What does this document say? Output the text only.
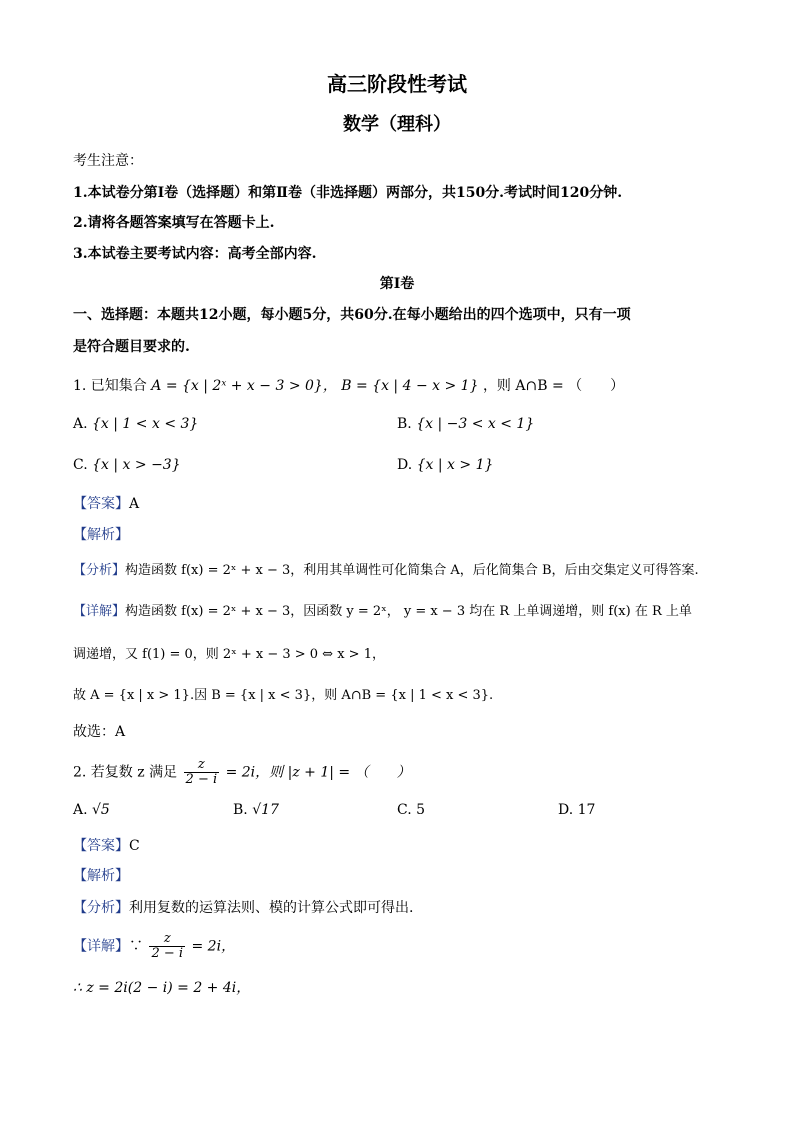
高三阶段性考试
数学（理科）
考生注意：
1.本试卷分第Ⅰ卷（选择题）和第Ⅱ卷（非选择题）两部分，共150分.考试时间120分钟.
2.请将各题答案填写在答题卡上.
3.本试卷主要考试内容：高考全部内容.
第Ⅰ卷
一、选择题：本题共12小题，每小题5分，共60分.在每小题给出的四个选项中，只有一项
是符合题目要求的.
1. 已知集合 A = {x | 2ˣ + x − 3 > 0}， B = {x | 4 − x > 1} ，则 A∩B = （　　）
A. {x | 1 < x < 3}	B. {x | −3 < x < 1}
C. {x | x > −3}	D. {x | x > 1}
【答案】A
【解析】
【分析】构造函数 f(x) = 2ˣ + x − 3，利用其单调性可化简集合 A，后化简集合 B，后由交集定义可得答案.
【详解】构造函数 f(x) = 2ˣ + x − 3，因函数 y = 2ˣ， y = x − 3 均在 R 上单调递增，则 f(x) 在 R 上单
调递增，又 f(1) = 0，则 2ˣ + x − 3 > 0 ⇔ x > 1，
故 A = {x | x > 1}.因 B = {x | x < 3}，则 A∩B = {x | 1 < x < 3}.
故选：A
2. 若复数 z 满足 $\frac{z}{2 - i} = 2i$，则 |z + 1| = （　　）
A. √5	B. √17	C. 5	D. 17
【答案】C
【解析】
【分析】利用复数的运算法则、模的计算公式即可得出.
【详解】∵ $\frac{z}{2 - i} = 2i$，
∴ z = 2i(2 − i) = 2 + 4i，
